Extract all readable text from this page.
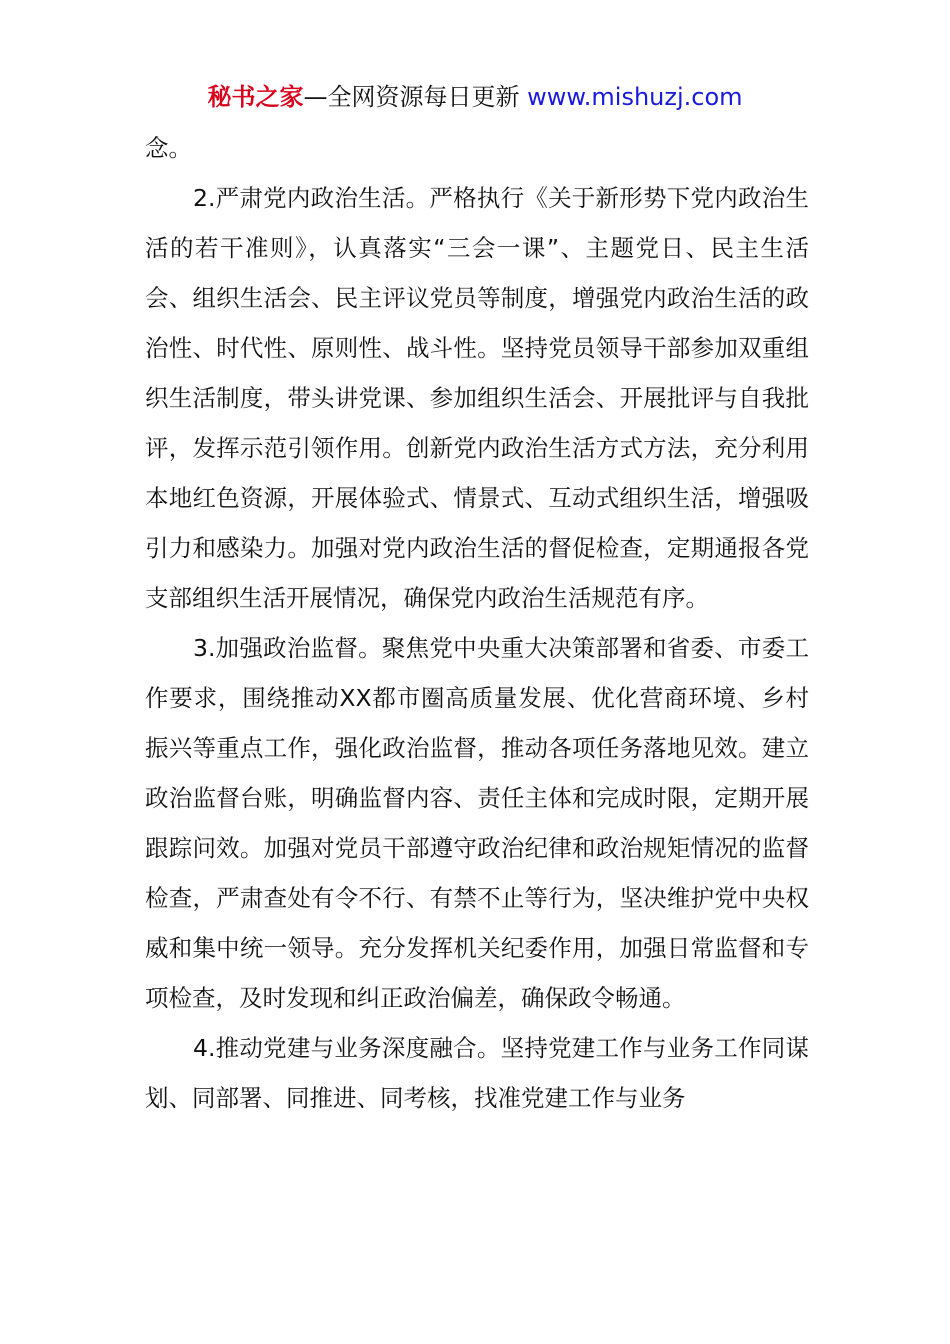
秘书之家—全网资源每日更新 www.mishuzj.com

念。

2.严肃党内政治生活。严格执行《关于新形势下党内政治生活的若干准则》，认真落实“三会一课”、主题党日、民主生活会、组织生活会、民主评议党员等制度，增强党内政治生活的政治性、时代性、原则性、战斗性。坚持党员领导干部参加双重组织生活制度，带头讲党课、参加组织生活会、开展批评与自我批评，发挥示范引领作用。创新党内政治生活方式方法，充分利用本地红色资源，开展体验式、情景式、互动式组织生活，增强吸引力和感染力。加强对党内政治生活的督促检查，定期通报各党支部组织生活开展情况，确保党内政治生活规范有序。

3.加强政治监督。聚焦党中央重大决策部署和省委、市委工作要求，围绕推动XX都市圈高质量发展、优化营商环境、乡村振兴等重点工作，强化政治监督，推动各项任务落地见效。建立政治监督台账，明确监督内容、责任主体和完成时限，定期开展跟踪问效。加强对党员干部遵守政治纪律和政治规矩情况的监督检查，严肃查处有令不行、有禁不止等行为，坚决维护党中央权威和集中统一领导。充分发挥机关纪委作用，加强日常监督和专项检查，及时发现和纠正政治偏差，确保政令畅通。

4.推动党建与业务深度融合。坚持党建工作与业务工作同谋划、同部署、同推进、同考核，找准党建工作与业务
